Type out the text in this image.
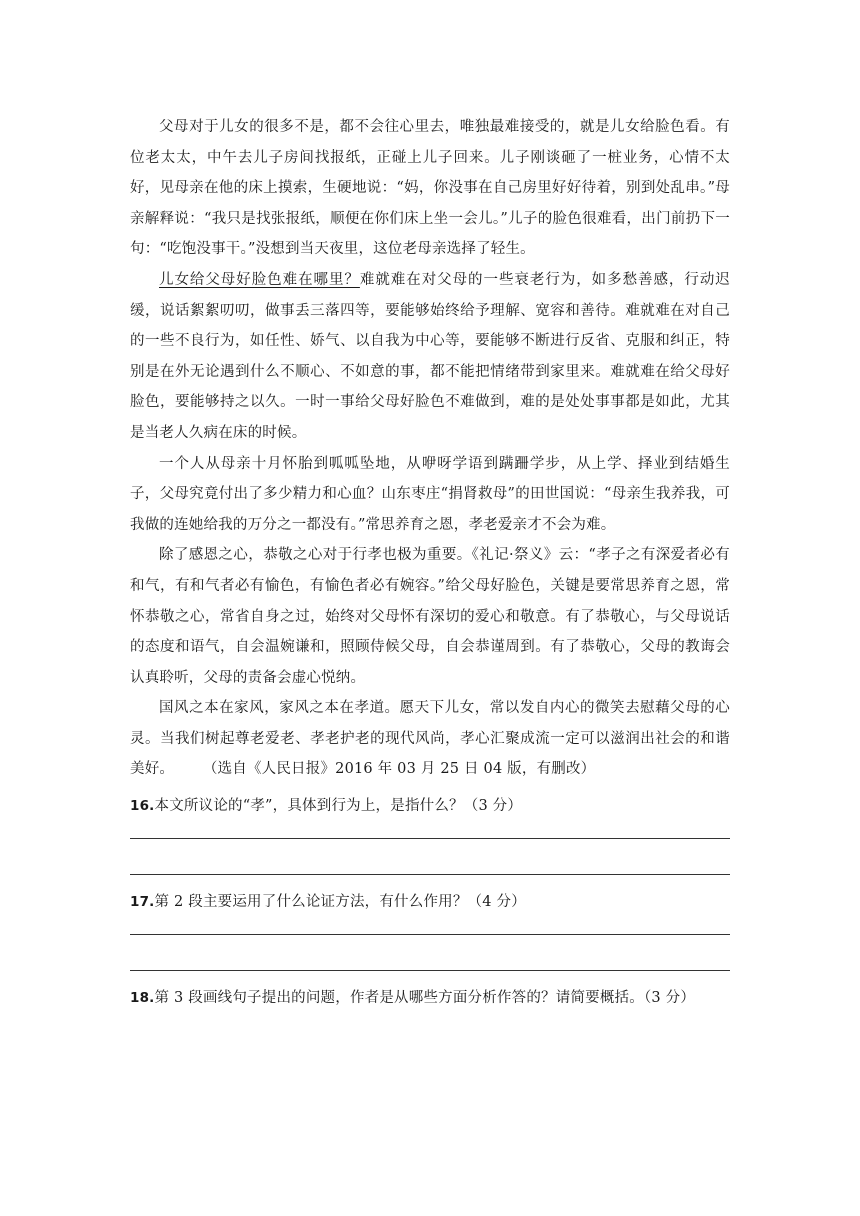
父母对于儿女的很多不是，都不会往心里去，唯独最难接受的，就是儿女给脸色看。有位老太太，中午去儿子房间找报纸，正碰上儿子回来。儿子刚谈砸了一桩业务，心情不太好，见母亲在他的床上摸索，生硬地说：“妈，你没事在自己房里好好待着，别到处乱串。”母亲解释说：“我只是找张报纸，顺便在你们床上坐一会儿。”儿子的脸色很难看，出门前扔下一句：“吃饱没事干。”没想到当天夜里，这位老母亲选择了轻生。

儿女给父母好脸色难在哪里？难就难在对父母的一些衰老行为，如多愁善感，行动迟缓，说话絮絮叨叨，做事丢三落四等，要能够始终给予理解、宽容和善待。难就难在对自己的一些不良行为，如任性、娇气、以自我为中心等，要能够不断进行反省、克服和纠正，特别是在外无论遇到什么不顺心、不如意的事，都不能把情绪带到家里来。难就难在给父母好脸色，要能够持之以久。一时一事给父母好脸色不难做到，难的是处处事事都是如此，尤其是当老人久病在床的时候。

一个人从母亲十月怀胎到呱呱坠地，从咿呀学语到蹒跚学步，从上学、择业到结婚生子，父母究竟付出了多少精力和心血？山东枣庄“捐肾救母”的田世国说：“母亲生我养我，可我做的连她给我的万分之一都没有。”常思养育之恩，孝老爱亲才不会为难。

除了感恩之心，恭敬之心对于行孝也极为重要。《礼记·祭义》云：“孝子之有深爱者必有和气，有和气者必有愉色，有愉色者必有婉容。”给父母好脸色，关键是要常思养育之恩，常怀恭敬之心，常省自身之过，始终对父母怀有深切的爱心和敬意。有了恭敬心，与父母说话的态度和语气，自会温婉谦和，照顾侍候父母，自会恭谨周到。有了恭敬心，父母的教诲会认真聆听，父母的责备会虚心悦纳。

国风之本在家风，家风之本在孝道。愿天下儿女，常以发自内心的微笑去慰藉父母的心灵。当我们树起尊老爱老、孝老护老的现代风尚，孝心汇聚成流一定可以滋润出社会的和谐美好。 （选自《人民日报》2016 年 03 月 25 日 04 版，有删改）

16.本文所议论的“孝”，具体到行为上，是指什么？（3 分）

17.第 2 段主要运用了什么论证方法，有什么作用？（4 分）

18.第 3 段画线句子提出的问题，作者是从哪些方面分析作答的？请简要概括。（3 分）
